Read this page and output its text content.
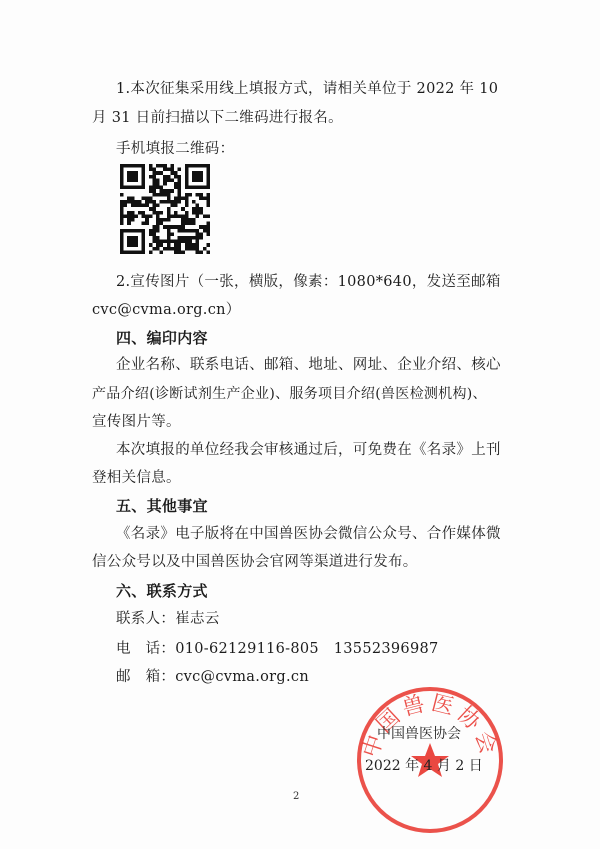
1.本次征集采用线上填报方式，请相关单位于 2022 年 10
月 31 日前扫描以下二维码进行报名。
手机填报二维码：
2.宣传图片（一张，横版，像素：1080*640，发送至邮箱
cvc@cvma.org.cn）
四、编印内容
企业名称、联系电话、邮箱、地址、网址、企业介绍、核心
产品介绍(诊断试剂生产企业)、服务项目介绍(兽医检测机构)、
宣传图片等。
本次填报的单位经我会审核通过后，可免费在《名录》上刊
登相关信息。
五、其他事宜
《名录》电子版将在中国兽医协会微信公众号、合作媒体微
信公众号以及中国兽医协会官网等渠道进行发布。
六、联系方式
联系人：崔志云
电　话：010-62129116-805　13552396987
邮　箱：cvc@cvma.org.cn
中国兽医协会
中国兽医协会
2022 年 4 月 2 日
2
